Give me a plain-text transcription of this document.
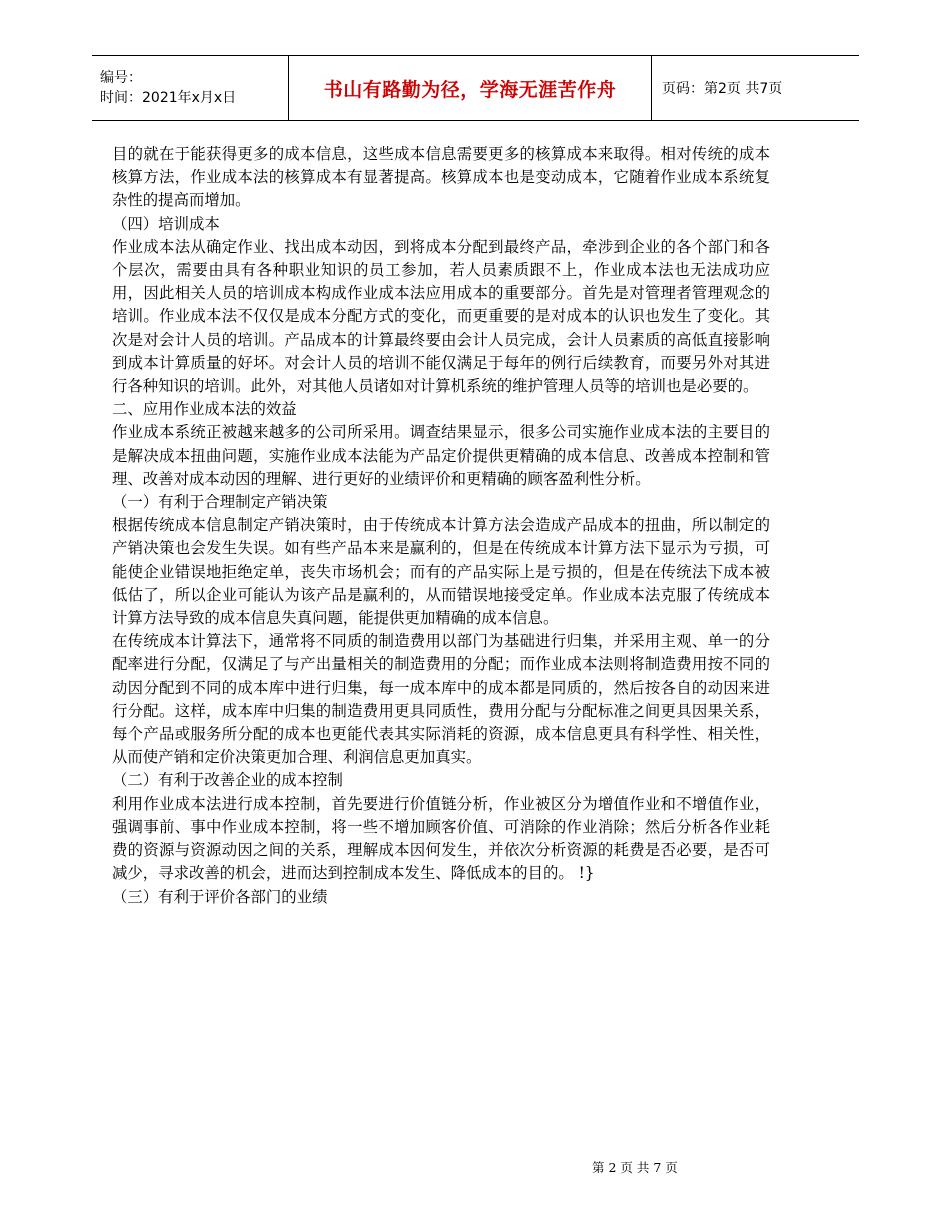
编号：
时间：2021年x月x日	书山有路勤为径，学海无涯苦作舟	页码：第2页 共7页

目的就在于能获得更多的成本信息，这些成本信息需要更多的核算成本来取得。相对传统的成本核算方法，作业成本法的核算成本有显著提高。核算成本也是变动成本，它随着作业成本系统复杂性的提高而增加。

（四）培训成本

作业成本法从确定作业、找出成本动因，到将成本分配到最终产品，牵涉到企业的各个部门和各个层次，需要由具有各种职业知识的员工参加，若人员素质跟不上，作业成本法也无法成功应用，因此相关人员的培训成本构成作业成本法应用成本的重要部分。首先是对管理者管理观念的培训。作业成本法不仅仅是成本分配方式的变化，而更重要的是对成本的认识也发生了变化。其次是对会计人员的培训。产品成本的计算最终要由会计人员完成，会计人员素质的高低直接影响到成本计算质量的好坏。对会计人员的培训不能仅满足于每年的例行后续教育，而要另外对其进行各种知识的培训。此外，对其他人员诸如对计算机系统的维护管理人员等的培训也是必要的。

二、应用作业成本法的效益

作业成本系统正被越来越多的公司所采用。调查结果显示，很多公司实施作业成本法的主要目的是解决成本扭曲问题，实施作业成本法能为产品定价提供更精确的成本信息、改善成本控制和管理、改善对成本动因的理解、进行更好的业绩评价和更精确的顾客盈利性分析。

（一）有利于合理制定产销决策

根据传统成本信息制定产销决策时，由于传统成本计算方法会造成产品成本的扭曲，所以制定的产销决策也会发生失误。如有些产品本来是赢利的，但是在传统成本计算方法下显示为亏损，可能使企业错误地拒绝定单，丧失市场机会；而有的产品实际上是亏损的，但是在传统法下成本被低估了，所以企业可能认为该产品是赢利的，从而错误地接受定单。作业成本法克服了传统成本计算方法导致的成本信息失真问题，能提供更加精确的成本信息。

在传统成本计算法下，通常将不同质的制造费用以部门为基础进行归集，并采用主观、单一的分配率进行分配，仅满足了与产出量相关的制造费用的分配；而作业成本法则将制造费用按不同的动因分配到不同的成本库中进行归集，每一成本库中的成本都是同质的，然后按各自的动因来进行分配。这样，成本库中归集的制造费用更具同质性，费用分配与分配标准之间更具因果关系，每个产品或服务所分配的成本也更能代表其实际消耗的资源，成本信息更具有科学性、相关性，从而使产销和定价决策更加合理、利润信息更加真实。

（二）有利于改善企业的成本控制

利用作业成本法进行成本控制，首先要进行价值链分析，作业被区分为增值作业和不增值作业，强调事前、事中作业成本控制，将一些不增加顾客价值、可消除的作业消除；然后分析各作业耗费的资源与资源动因之间的关系，理解成本因何发生，并依次分析资源的耗费是否必要，是否可减少，寻求改善的机会，进而达到控制成本发生、降低成本的目的。 !}

（三）有利于评价各部门的业绩

第 2 页 共 7 页
